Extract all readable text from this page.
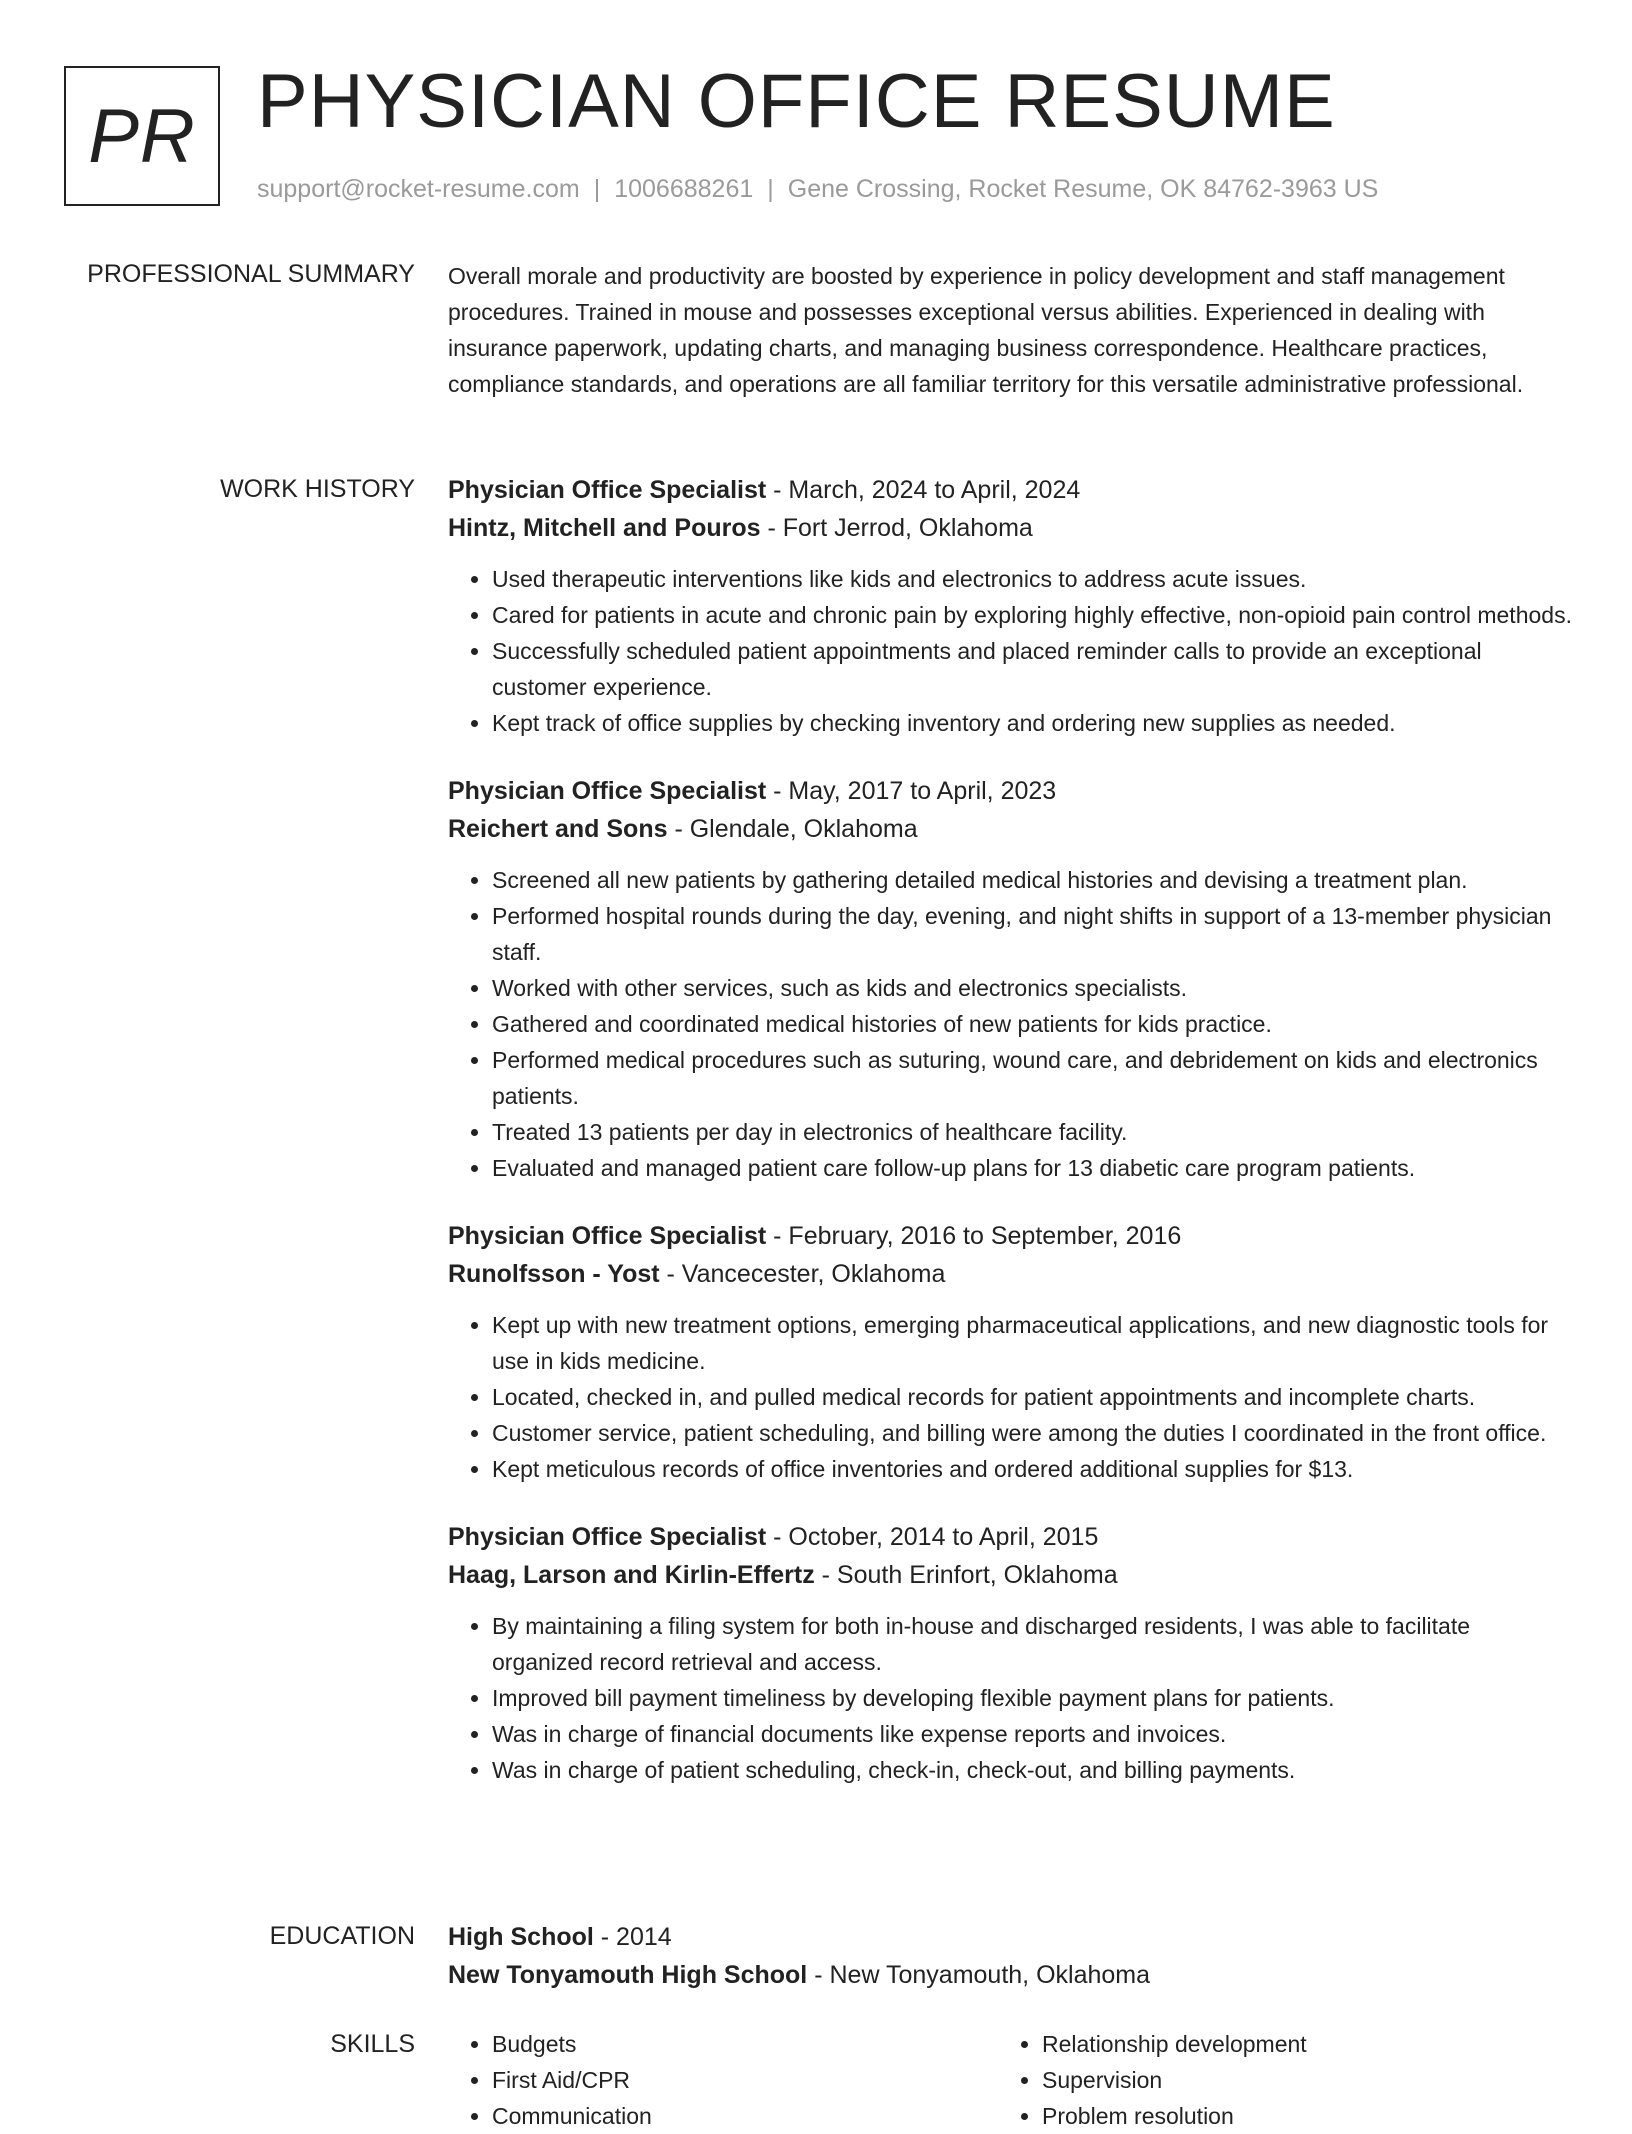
PR PHYSICIAN OFFICE RESUME
support@rocket-resume.com | 1006688261 | Gene Crossing, Rocket Resume, OK 84762-3963 US
PROFESSIONAL SUMMARY Overall morale and productivity are boosted by experience in policy development and staff management procedures. Trained in mouse and possesses exceptional versus abilities. Experienced in dealing with insurance paperwork, updating charts, and managing business correspondence. Healthcare practices, compliance standards, and operations are all familiar territory for this versatile administrative professional.

WORK HISTORY Physician Office Specialist - March, 2024 to April, 2024
Hintz, Mitchell and Pouros - Fort Jerrod, Oklahoma
• Used therapeutic interventions like kids and electronics to address acute issues.
• Cared for patients in acute and chronic pain by exploring highly effective, non-opioid pain control methods.
• Successfully scheduled patient appointments and placed reminder calls to provide an exceptional customer experience.
• Kept track of office supplies by checking inventory and ordering new supplies as needed.
Physician Office Specialist - May, 2017 to April, 2023
Reichert and Sons - Glendale, Oklahoma
• Screened all new patients by gathering detailed medical histories and devising a treatment plan.
• Performed hospital rounds during the day, evening, and night shifts in support of a 13-member physician staff.
• Worked with other services, such as kids and electronics specialists.
• Gathered and coordinated medical histories of new patients for kids practice.
• Performed medical procedures such as suturing, wound care, and debridement on kids and electronics patients.
• Treated 13 patients per day in electronics of healthcare facility.
• Evaluated and managed patient care follow-up plans for 13 diabetic care program patients.
Physician Office Specialist - February, 2016 to September, 2016
Runolfsson - Yost - Vancecester, Oklahoma
• Kept up with new treatment options, emerging pharmaceutical applications, and new diagnostic tools for use in kids medicine.
• Located, checked in, and pulled medical records for patient appointments and incomplete charts.
• Customer service, patient scheduling, and billing were among the duties I coordinated in the front office.
• Kept meticulous records of office inventories and ordered additional supplies for $13.
Physician Office Specialist - October, 2014 to April, 2015
Haag, Larson and Kirlin-Effertz - South Erinfort, Oklahoma
• By maintaining a filing system for both in-house and discharged residents, I was able to facilitate organized record retrieval and access.
• Improved bill payment timeliness by developing flexible payment plans for patients.
• Was in charge of financial documents like expense reports and invoices.
• Was in charge of patient scheduling, check-in, check-out, and billing payments.
EDUCATION High School - 2014
New Tonyamouth High School - New Tonyamouth, Oklahoma
SKILLS
•	Budgets
• First Aid/CPR
• Communication
• Relationship development
• Supervision
• Problem resolution
